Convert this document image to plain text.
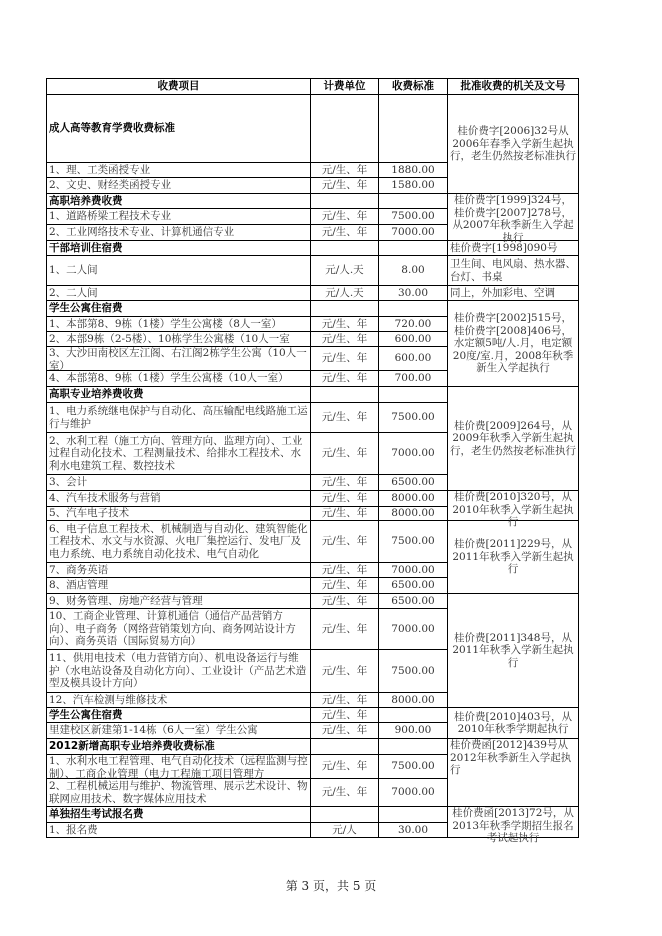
收费项目	计费单位	收费标准	批准收费的机关及文号

成人高等教育学费收费标准			桂价费字[2006]32号从2006年春季入学新生起执行，老生仍然按老标准执行

1、理、工类函授专业	元/生、年	1880.00	

2、文史、财经类函授专业	元/生、年	1580.00	

高职培养费收费			桂价费字[1999]324号，桂价费字[2007]278号，从2007年秋季新生入学起执行

1、道路桥梁工程技术专业	元/生、年	7500.00	

2、工业网络技术专业、计算机通信专业	元/生、年	7000.00	

干部培训住宿费			桂价费字[1998]090号

1、二人间	元/人.天	8.00	卫生间、电风扇、热水器、台灯、书桌

2、二人间	元/人.天	30.00	同上，外加彩电、空调

学生公寓住宿费			桂价费字[2002]515号，桂价费字[2008]406号，水定额5吨/人.月，电定额20度/室.月，2008年秋季新生入学起执行

1、本部第8、9栋（1楼）学生公寓楼（8人一室）	元/生、年	720.00	

2、本部9栋（2-5楼）、10栋学生公寓楼（10人一室	元/生、年	600.00	

3、大沙田南校区左江阁、右江阁2栋学生公寓（10人一室）	元/生、年	600.00	

4、本部第8、9栋（1楼）学生公寓楼（10人一室）	元/生、年	700.00	

高职专业培养费收费			桂价费[2009]264号，从2009年秋季入学新生起执行，老生仍然按老标准执行

1、电力系统继电保护与自动化、高压输配电线路施工运行与维护	元/生、年	7500.00	

2、水利工程（施工方向、管理方向、监理方向）、工业过程自动化技术、工程测量技术、给排水工程技术、水利水电建筑工程、数控技术	元/生、年	7000.00	

3、会计	元/生、年	6500.00	

4、汽车技术服务与营销	元/生、年	8000.00	桂价费[2010]320号，从2010年秋季入学新生起执行

5、汽车电子技术	元/生、年	8000.00	

6、电子信息工程技术、机械制造与自动化、建筑智能化工程技术、水文与水资源、火电厂集控运行、发电厂及电力系统、电力系统自动化技术、电气自动化	元/生、年	7500.00	桂价费[2011]229号，从2011年秋季入学新生起执行

7、商务英语	元/生、年	7000.00	

8、酒店管理	元/生、年	6500.00	

9、财务管理、房地产经营与管理	元/生、年	6500.00	桂价费[2011]348号，从2011年秋季入学新生起执行

10、工商企业管理、计算机通信（通信产品营销方向）、电子商务（网络营销策划方向、商务网站设计方向）、商务英语（国际贸易方向）	元/生、年	7000.00	

11、供用电技术（电力营销方向）、机电设备运行与维护（水电站设备及自动化方向）、工业设计（产品艺术造型及模具设计方向）	元/生、年	7500.00	

12、汽车检测与维修技术	元/生、年	8000.00	

学生公寓住宿费	元/生、年		桂价费[2010]403号，从2010年秋季学期起执行

里建校区新建第1-14栋（6人一室）学生公寓	元/生、年	900.00	

2012新增高职专业培养费收费标准			桂价费函[2012]439号从2012年秋季新生入学起执行

1、水利水电工程管理、电气自动化技术（远程监测与控制）、工商企业管理（电力工程施工项目管理方	元/生、年	7500.00	

2、工程机械运用与维护、物流管理、展示艺术设计、物联网应用技术、数字媒体应用技术	元/生、年	7000.00	

单独招生考试报名费			桂价费函[2013]72号，从2013年秋季学期招生报名考试起执行

1、报名费	元/人	30.00	
第 3 页，共 5 页
